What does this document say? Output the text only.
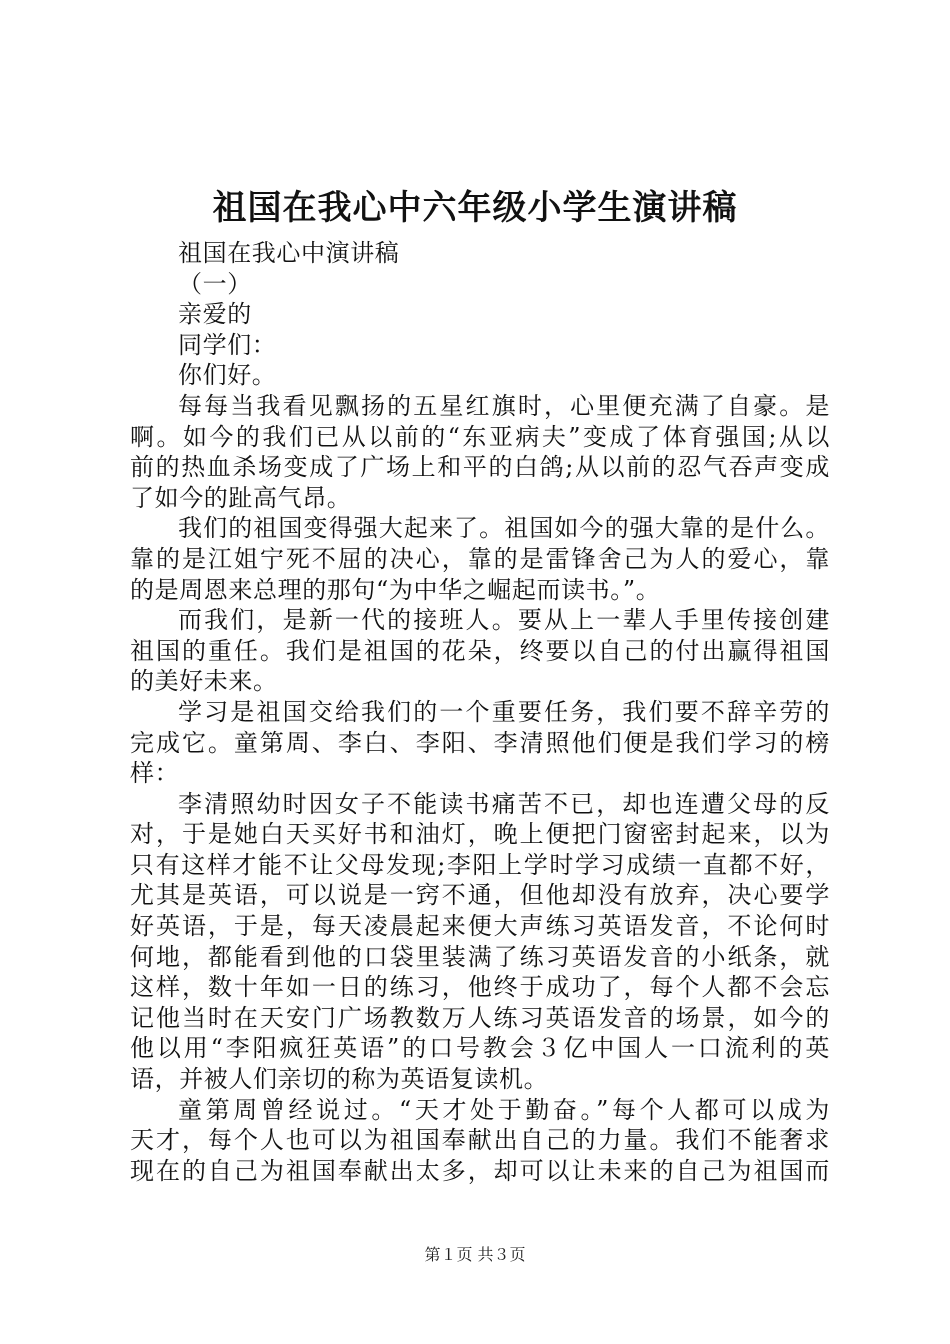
祖国在我心中六年级小学生演讲稿
祖国在我心中演讲稿
（一）
亲爱的
同学们：
你们好。
每每当我看见飘扬的五星红旗时，心里便充满了自豪。是
啊。如今的我们已从以前的“东亚病夫”变成了体育强国;从以
前的热血杀场变成了广场上和平的白鸽;从以前的忍气吞声变成
了如今的趾高气昂。
我们的祖国变得强大起来了。祖国如今的强大靠的是什么。
靠的是江姐宁死不屈的决心，靠的是雷锋舍己为人的爱心，靠
的是周恩来总理的那句“为中华之崛起而读书。”。
而我们，是新一代的接班人。要从上一辈人手里传接创建
祖国的重任。我们是祖国的花朵，终要以自己的付出赢得祖国
的美好未来。
学习是祖国交给我们的一个重要任务，我们要不辞辛劳的
完成它。童第周、李白、李阳、李清照他们便是我们学习的榜
样：
李清照幼时因女子不能读书痛苦不已，却也连遭父母的反
对，于是她白天买好书和油灯，晚上便把门窗密封起来，以为
只有这样才能不让父母发现;李阳上学时学习成绩一直都不好，
尤其是英语，可以说是一窍不通，但他却没有放弃，决心要学
好英语，于是，每天凌晨起来便大声练习英语发音，不论何时
何地，都能看到他的口袋里装满了练习英语发音的小纸条，就
这样，数十年如一日的练习，他终于成功了，每个人都不会忘
记他当时在天安门广场教数万人练习英语发音的场景，如今的
他以用“李阳疯狂英语”的口号教会３亿中国人一口流利的英
语，并被人们亲切的称为英语复读机。
童第周曾经说过。“天才处于勤奋。”每个人都可以成为
天才，每个人也可以为祖国奉献出自己的力量。我们不能奢求
现在的自己为祖国奉献出太多，却可以让未来的自己为祖国而
第１页 共３页
